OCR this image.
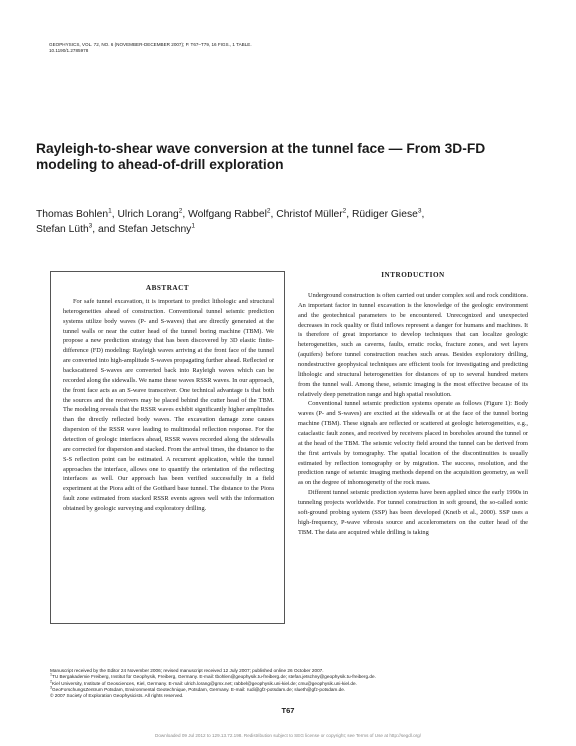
GEOPHYSICS, VOL. 72, NO. 6 (NOVEMBER-DECEMBER 2007); P. T67–T79, 16 FIGS., 1 TABLE.
10.1190/1.2785978
Rayleigh-to-shear wave conversion at the tunnel face — From 3D-FD modeling to ahead-of-drill exploration
Thomas Bohlen$^1$, Ulrich Lorang$^2$, Wolfgang Rabbel$^2$, Christof Müller$^2$, Rüdiger Giese$^3$,
Stefan Lüth$^3$, and Stefan Jetschny$^1$
ABSTRACT

For safe tunnel excavation, it is important to predict lithologic and structural heterogeneities ahead of construction. Conventional tunnel seismic prediction systems utilize body waves (P- and S-waves) that are directly generated at the tunnel walls or near the cutter head of the tunnel boring machine (TBM). We propose a new prediction strategy that has been discovered by 3D elastic finite-difference (FD) modeling: Rayleigh waves arriving at the front face of the tunnel are converted into high-amplitude S-waves propagating further ahead. Reflected or backscattered S-waves are converted back into Rayleigh waves which can be recorded along the sidewalls. We name these waves RSSR waves. In our approach, the front face acts as an S-wave transceiver. One technical advantage is that both the sources and the receivers may be placed behind the cutter head of the TBM. The modeling reveals that the RSSR waves exhibit significantly higher amplitudes than the directly reflected body waves. The excavation damage zone causes dispersion of the RSSR wave leading to multimodal reflection response. For the detection of geologic interfaces ahead, RSSR waves recorded along the sidewalls are corrected for dispersion and stacked. From the arrival times, the distance to the S-S reflection point can be estimated. A recurrent application, while the tunnel approaches the interface, allows one to quantify the orientation of the reflecting interfaces as well. Our approach has been verified successfully in a field experiment at the Piora adit of the Gotthard base tunnel. The distance to the Piora fault zone estimated from stacked RSSR events agrees well with the information obtained by geologic surveying and exploratory drilling.

INTRODUCTION

Underground construction is often carried out under complex soil and rock conditions. An important factor in tunnel excavation is the knowledge of the geologic environment and the geotechnical parameters to be encountered. Unrecognized and unexpected decreases in rock quality or fluid inflows represent a danger for humans and machines. It is therefore of great importance to develop techniques that can localize geologic heterogeneities, such as caverns, faults, erratic rocks, fracture zones, and wet layers (aquifers) before tunnel construction reaches such areas. Besides exploratory drilling, nondestructive geophysical techniques are efficient tools for investigating and predicting lithologic and structural heterogeneities for distances of up to several hundred meters from the tunnel wall. Among these, seismic imaging is the most effective because of its relatively deep penetration range and high spatial resolution.

Conventional tunnel seismic prediction systems operate as follows (Figure 1): Body waves (P- and S-waves) are excited at the sidewalls or at the face of the tunnel boring machine (TBM). These signals are reflected or scattered at geologic heterogeneities, e.g., cataclastic fault zones, and received by receivers placed in boreholes around the tunnel or at the head of the TBM. The seismic velocity field around the tunnel can be derived from the first arrivals by tomography. The spatial location of the discontinuities is usually estimated by reflection tomography or by migration. The success, resolution, and the prediction range of seismic imaging methods depend on the acquisition geometry, as well as on the degree of inhomogeneity of the rock mass.

Different tunnel seismic prediction systems have been applied since the early 1990s in tunneling projects worldwide. For tunnel construction in soft ground, the so-called sonic soft-ground probing system (SSP) has been developed (Kneib et al., 2000). SSP uses a high-frequency, P-wave vibrosis source and accelerometers on the cutter head of the TBM. The data are acquired while drilling is taking

Manuscript received by the Editor 24 November 2006; revised manuscript received 12 July 2007; published online 26 October 2007.
$^1$TU Bergakademie Freiberg, Institut für Geophysik, Freiberg, Germany. E-mail: tbohlen@geophysik.tu-freiberg.de; stefan.jetschny@geophysik.tu-freiberg.de.
$^2$Kiel University, Institute of Geosciences, Kiel, Germany. E-mail: ulrich.lorang@gmx.net; rabbel@geophysik.uni-kiel.de; cmu@geophysik.uni-kiel.de.
$^3$GeoForschungsZentrum Potsdam, Environmental Geotechnique, Potsdam, Germany. E-mail: rudi@gfz-potsdam.de; slueth@gfz-potsdam.de.
© 2007 Society of Exploration Geophysicists. All rights reserved.
T67
Downloaded 09 Jul 2012 to 129.13.72.198. Redistribution subject to SEG license or copyright; see Terms of Use at http://segdl.org/
